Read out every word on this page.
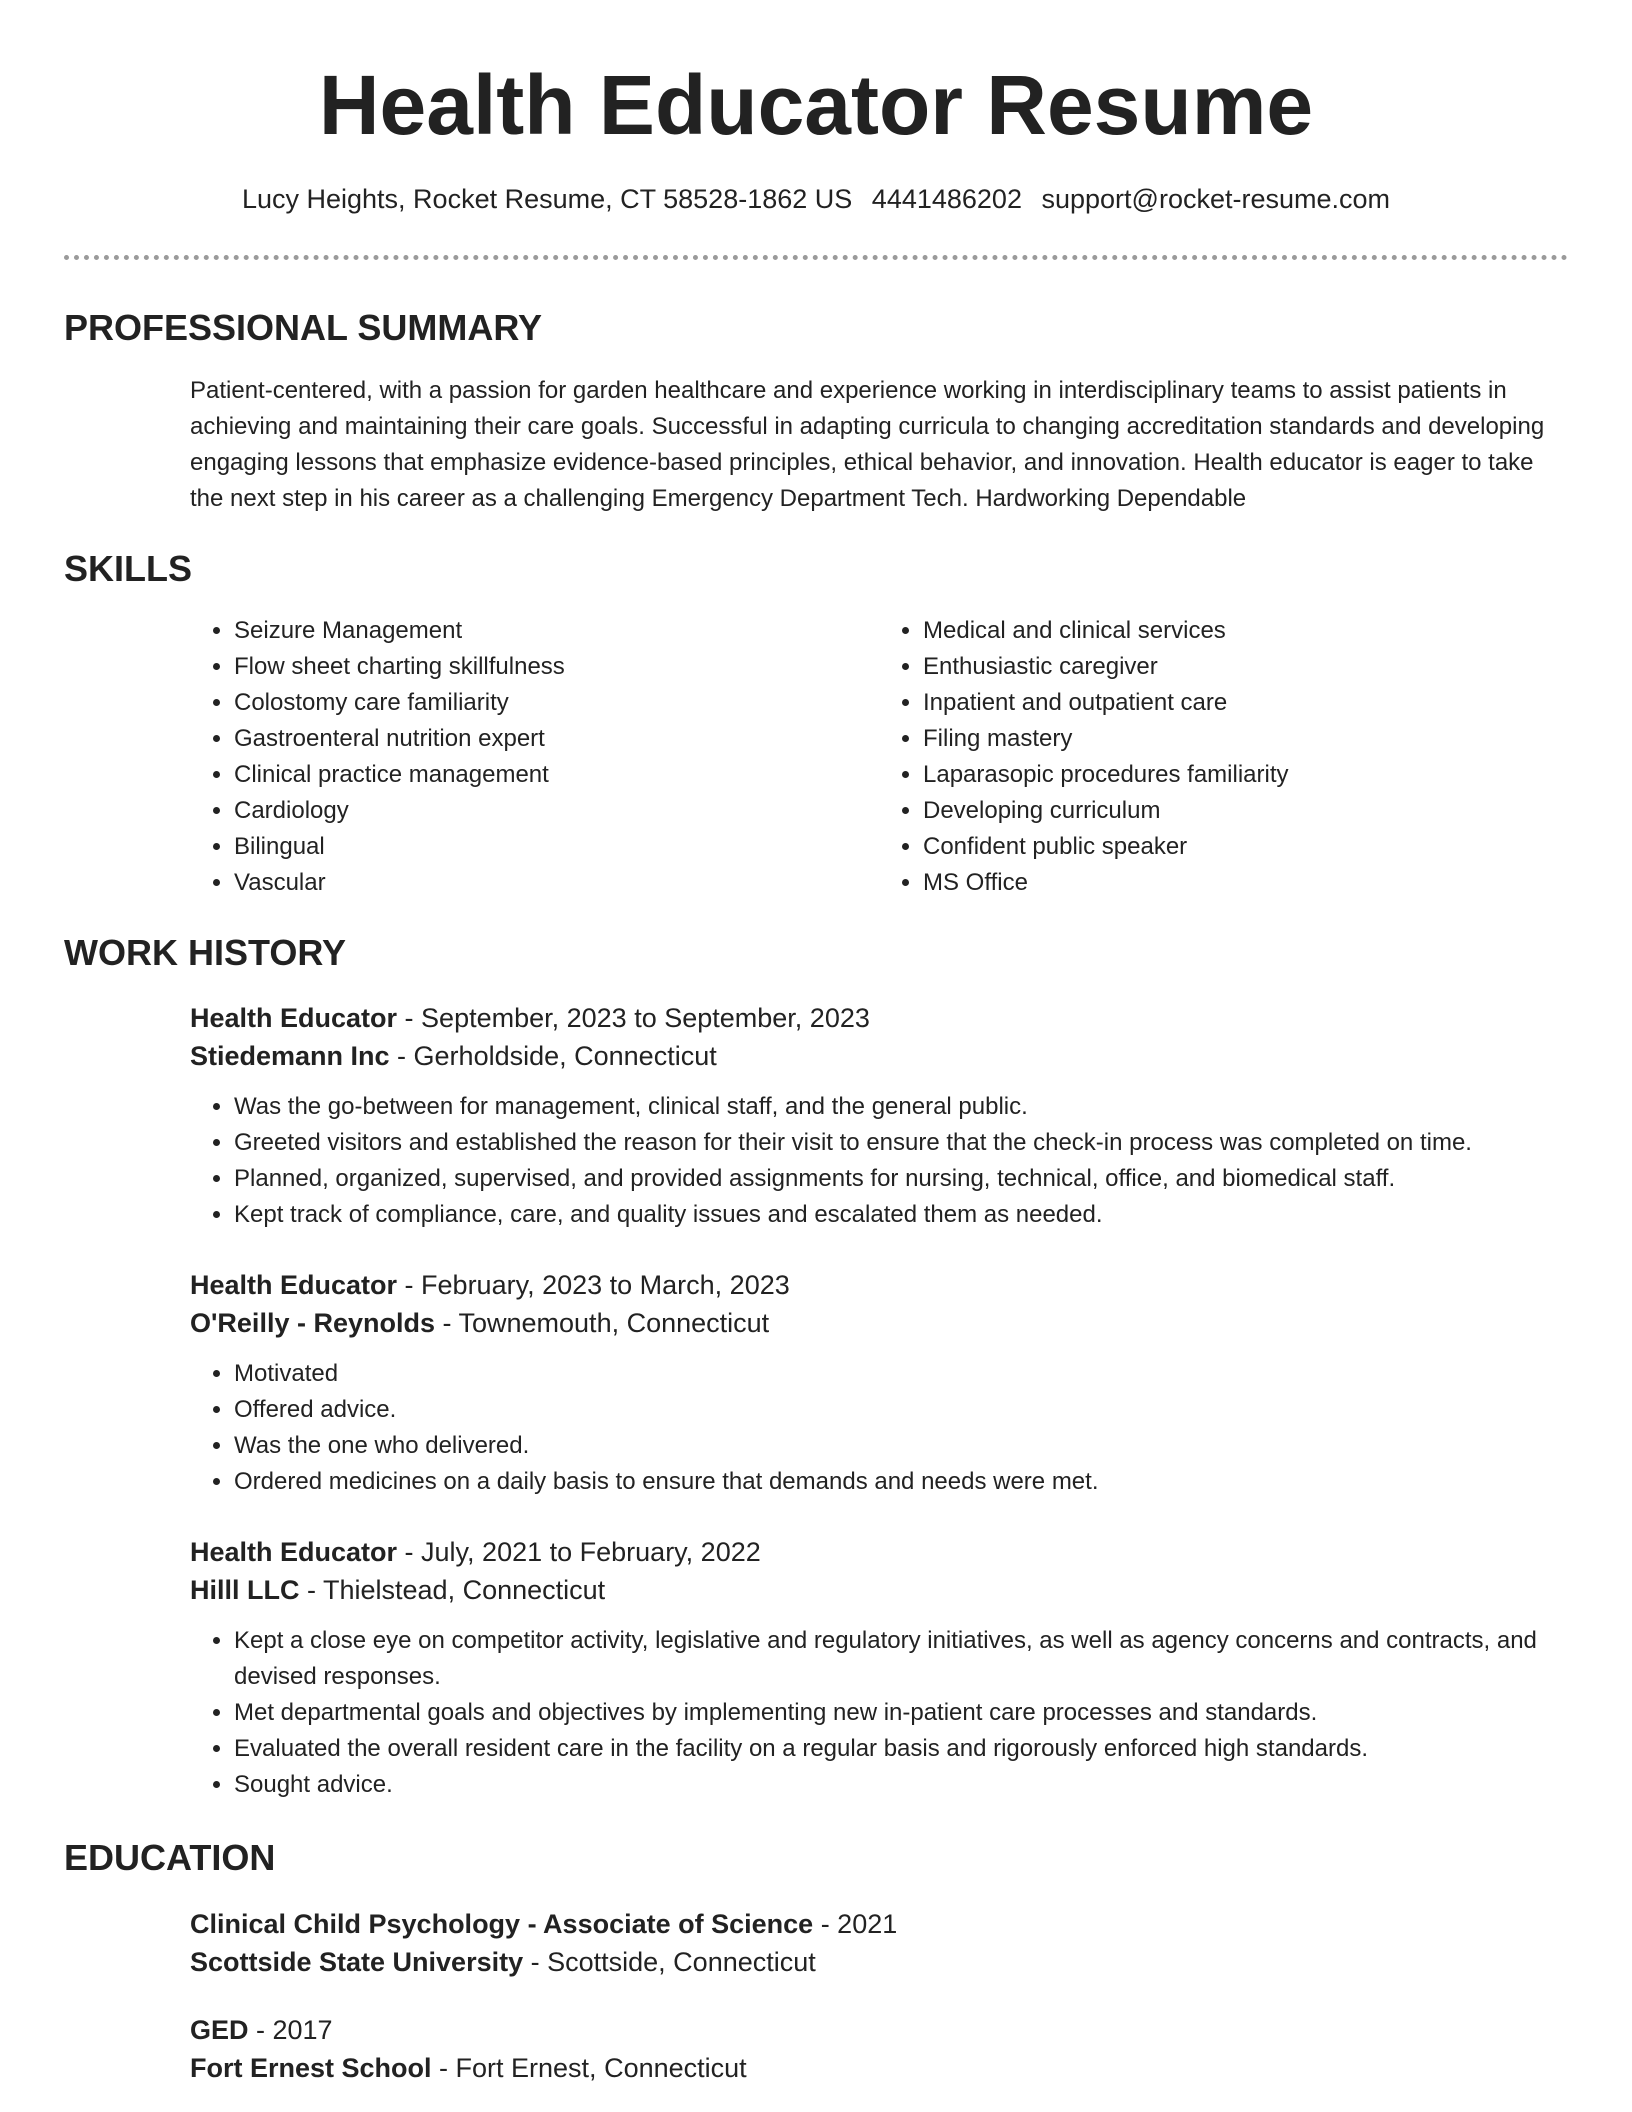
Health Educator Resume
Lucy Heights, Rocket Resume, CT 58528-1862 US 4441486202 support@rocket-resume.com
PROFESSIONAL SUMMARY
Patient-centered, with a passion for garden healthcare and experience working in interdisciplinary teams to assist patients in achieving and maintaining their care goals. Successful in adapting curricula to changing accreditation standards and developing engaging lessons that emphasize evidence-based principles, ethical behavior, and innovation. Health educator is eager to take the next step in his career as a challenging Emergency Department Tech. Hardworking Dependable
SKILLS
• Seizure Management
• Flow sheet charting skillfulness
• Colostomy care familiarity
• Gastroenteral nutrition expert
• Clinical practice management
• Cardiology
• Bilingual
• Vascular
• Medical and clinical services
• Enthusiastic caregiver
• Inpatient and outpatient care
• Filing mastery
• Laparasopic procedures familiarity
• Developing curriculum
• Confident public speaker
• MS Office
WORK HISTORY
Health Educator - September, 2023 to September, 2023
Stiedemann Inc - Gerholdside, Connecticut
• Was the go-between for management, clinical staff, and the general public.
• Greeted visitors and established the reason for their visit to ensure that the check-in process was completed on time.
• Planned, organized, supervised, and provided assignments for nursing, technical, office, and biomedical staff.
• Kept track of compliance, care, and quality issues and escalated them as needed.
Health Educator - February, 2023 to March, 2023
O'Reilly - Reynolds - Townemouth, Connecticut
• Motivated
• Offered advice.
• Was the one who delivered.
• Ordered medicines on a daily basis to ensure that demands and needs were met.
Health Educator - July, 2021 to February, 2022
Hilll LLC - Thielstead, Connecticut
• Kept a close eye on competitor activity, legislative and regulatory initiatives, as well as agency concerns and contracts, and devised responses.
• Met departmental goals and objectives by implementing new in-patient care processes and standards.
• Evaluated the overall resident care in the facility on a regular basis and rigorously enforced high standards.
• Sought advice.
EDUCATION
Clinical Child Psychology - Associate of Science - 2021
Scottside State University - Scottside, Connecticut
GED - 2017
Fort Ernest School - Fort Ernest, Connecticut
